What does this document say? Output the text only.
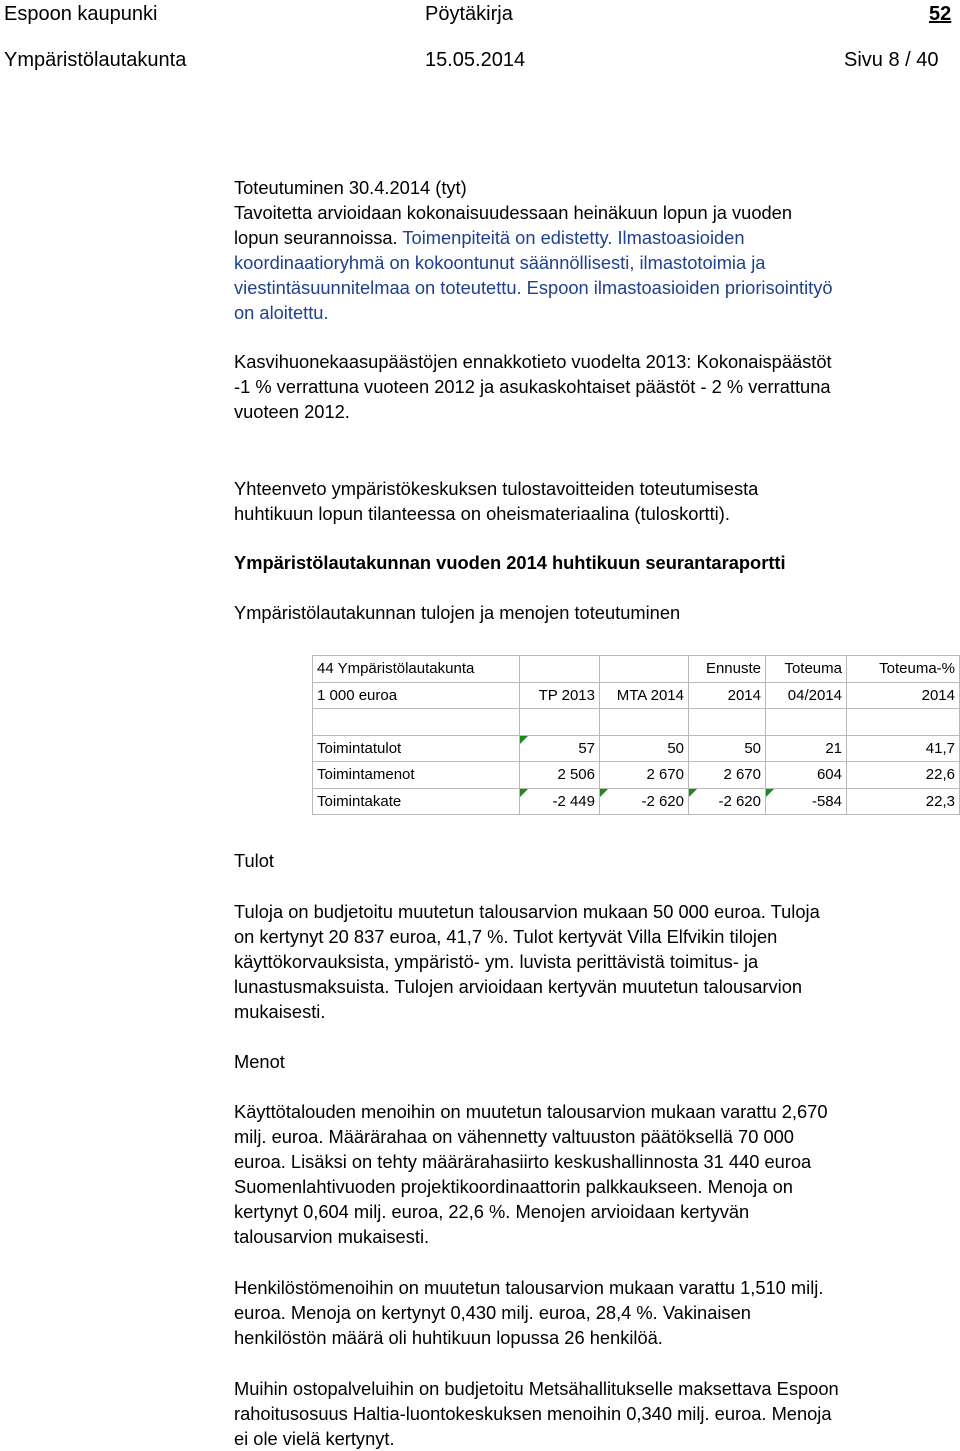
Espoon kaupunki	Pöytäkirja	52
Ympäristölautakunta	15.05.2014	Sivu 8 / 40
Toteutuminen 30.4.2014 (tyt)
Tavoitetta arvioidaan kokonaisuudessaan heinäkuun lopun ja vuoden
lopun seurannoissa. Toimenpiteitä on edistetty. Ilmastoasioiden
koordinaatioryhmä on kokoontunut säännöllisesti, ilmastotoimia ja
viestintäsuunnitelmaa on toteutettu. Espoon ilmastoasioiden priorisointityö
on aloitettu.
Kasvihuonekaasupäästöjen ennakkotieto vuodelta 2013: Kokonaispäästöt
-1 % verrattuna vuoteen 2012 ja asukaskohtaiset päästöt - 2 % verrattuna
vuoteen 2012.
Yhteenveto ympäristökeskuksen tulostavoitteiden toteutumisesta
huhtikuun lopun tilanteessa on oheismateriaalina (tuloskortti).
Ympäristölautakunnan vuoden 2014 huhtikuun seurantaraportti
Ympäristölautakunnan tulojen ja menojen toteutuminen
44 Ympäristölautakunta			Ennuste	Toteuma	Toteuma-%
1 000 euroa	TP 2013	MTA 2014	2014	04/2014	2014

Toimintatulot	57	50	50	21	41,7
Toimintamenot	2 506	2 670	2 670	604	22,6
Toimintakate	-2 449	-2 620	-2 620	-584	22,3
Tulot
Tuloja on budjetoitu muutetun talousarvion mukaan 50 000 euroa. Tuloja
on kertynyt 20 837 euroa, 41,7 %. Tulot kertyvät Villa Elfvikin tilojen
käyttökorvauksista, ympäristö- ym. luvista perittävistä toimitus- ja
lunastusmaksuista. Tulojen arvioidaan kertyvän muutetun talousarvion
mukaisesti.
Menot
Käyttötalouden menoihin on muutetun talousarvion mukaan varattu 2,670
milj. euroa. Määrärahaa on vähennetty valtuuston päätöksellä 70 000
euroa. Lisäksi on tehty määrärahasiirto keskushallinnosta 31 440 euroa
Suomenlahtivuoden projektikoordinaattorin palkkaukseen. Menoja on
kertynyt 0,604 milj. euroa, 22,6 %. Menojen arvioidaan kertyvän
talousarvion mukaisesti.
Henkilöstömenoihin on muutetun talousarvion mukaan varattu 1,510 milj.
euroa. Menoja on kertynyt 0,430 milj. euroa, 28,4 %. Vakinaisen
henkilöstön määrä oli huhtikuun lopussa 26 henkilöä.
Muihin ostopalveluihin on budjetoitu Metsähallitukselle maksettava Espoon
rahoitusosuus Haltia-luontokeskuksen menoihin 0,340 milj. euroa. Menoja
ei ole vielä kertynyt.
